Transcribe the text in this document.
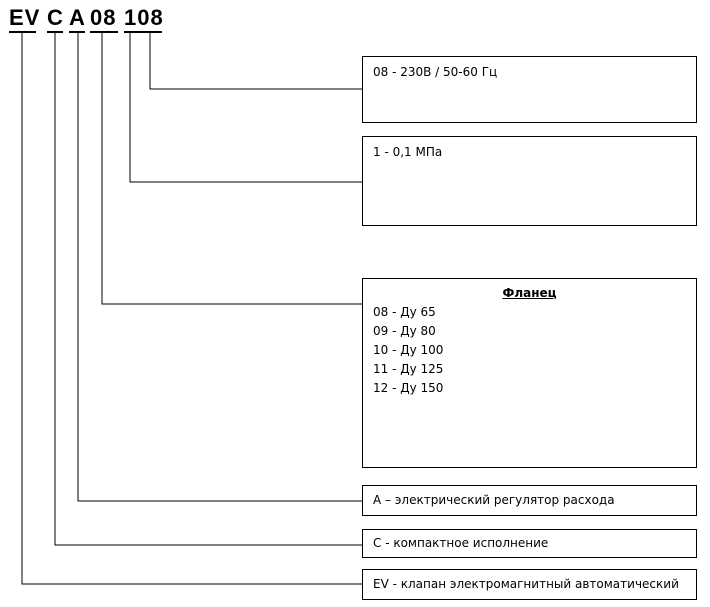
EV C A 08 108
08 - 230В / 50-60 Гц
1 - 0,1 МПа
Фланец
08 - Ду 65
09 - Ду 80
10 - Ду 100
11 - Ду 125
12 - Ду 150
А – электрический регулятор расхода
С - компактное исполнение
EV - клапан электромагнитный автоматический
